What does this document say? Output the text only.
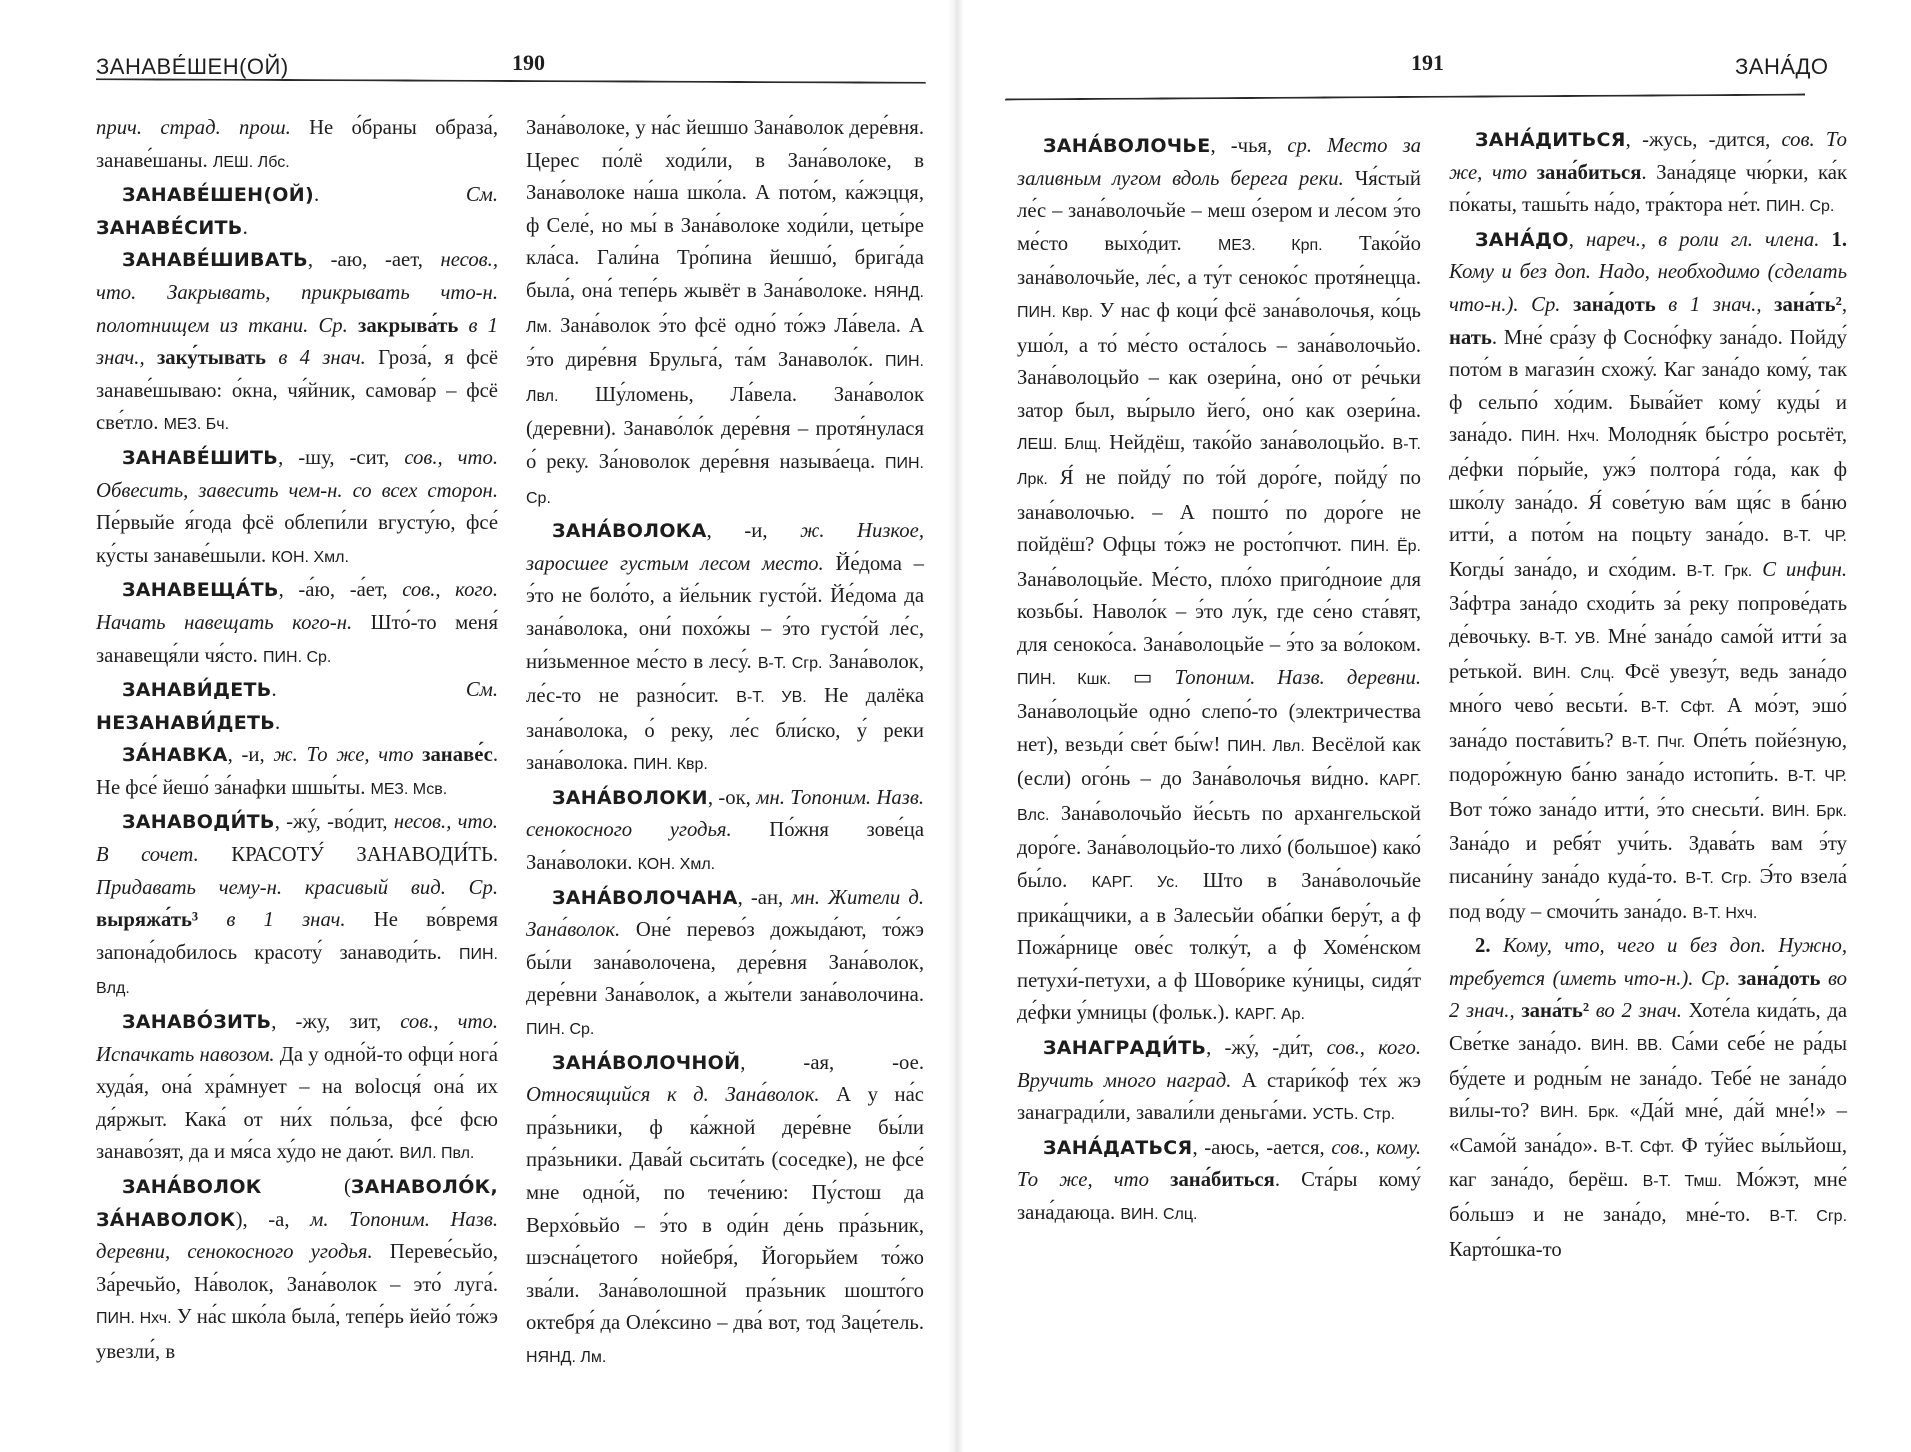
ЗАНАВЕ́ШЕН(ОЙ)	190

прич. страд. прош. Не о́браны образа́, занаве́шаны. ЛЕШ. Лбс.

ЗАНАВЕ́ШЕН(ОЙ). См. ЗАНАВЕ́СИТЬ.

ЗАНАВЕ́ШИВАТЬ, -аю, -ает, несов., что. Закрывать, прикрывать что-н. полотнищем из ткани. Ср. закрыва́ть в 1 знач., заку́тывать в 4 знач. Гроза́, я фсё занаве́шываю: о́кна, чя́йник, самова́р – фсё све́тло. МЕЗ. Бч.

ЗАНАВЕ́ШИТЬ, -шу, -сит, сов., что. Обвесить, завесить чем-н. со всех сторон. Пе́рвыйе я́года фсё облепи́ли вгусту́ю, фсе́ ку́сты занаве́шыли. КОН. Хмл.

ЗАНАВЕЩА́ТЬ, -а́ю, -а́ет, сов., кого. Начать навещать кого-н. Што́-то меня́ занавещя́ли чя́сто. ПИН. Ср.

ЗАНАВИ́ДЕТЬ. См. НЕЗАНАВИ́ДЕТЬ.

ЗА́НАВКА, -и, ж. То же, что занаве́с. Не фсе́ йешо́ за́нафки шшы́ты. МЕЗ. Мсв.

ЗАНАВОДИ́ТЬ, -жу́, -во́дит, несов., что. В сочет. КРАСОТУ́ ЗАНАВОДИ́ТЬ. Придавать чему-н. красивый вид. Ср. выряжа́ть³ в 1 знач. Не во́время запона́добилось красоту́ занаводи́ть. ПИН. Влд.

ЗАНАВО́ЗИТЬ, -жу, зит, сов., что. Испачкать навозом. Да у одно́й-то офци́ нога́ худа́я, она́ хра́мнует – на воlосця́ она́ их дя́ржыт. Кака́ от ни́х по́льза, фсе́ фсю занаво́зят, да и мя́са ху́до не даю́т. ВИЛ. Пвл.

ЗАНА́ВОЛОК (ЗАНАВОЛО́К, ЗА́НАВОЛОК), -а, м. Топоним. Назв. деревни, сенокосного угодья. Переве́сьйо, За́речьйо, На́волок, Зана́волок – это́ луга́. ПИН. Нхч. У на́с шко́ла была́, тепе́рь йейо́ то́жэ увезли́, в

Зана́волоке, у на́с йешшо Зана́волок дере́вня. Церес по́лё ходи́ли, в Зана́волоке, в Зана́волоке на́ша шко́ла. А пото́м, ка́жэцця, ф Селе́, но мы́ в Зана́волоке ходи́ли, цеты́ре кла́са. Гали́на Тро́пина йешшо́, брига́да была́, она́ тепе́рь жывёт в Зана́волоке. НЯНД. Лм. Зана́волок э́то фсё одно́ то́жэ Ла́вела. А э́то дире́вня Брульга́, та́м Занаволо́к. ПИН. Лвл. Шу́ломень, Ла́вела. Зана́волок (деревни). Занаво́ло́к дере́вня – протя́нулася о́ реку. За́новолок дере́вня называ́еца. ПИН. Ср.

ЗАНА́ВОЛОКА, -и, ж. Низкое, заросшее густым лесом место. Йе́дома – э́то не боло́то, а йе́льник густо́й. Йе́дома да зана́волока, они́ похо́жы – э́то густо́й ле́с, ни́зьменное ме́сто в лесу́. В-Т. Сгр. Зана́волок, ле́с-то не разно́сит. В-Т. УВ. Не далёка зана́волока, о́ реку, ле́с бли́ско, у́ реки зана́волока. ПИН. Квр.

ЗАНА́ВОЛОКИ, -ок, мн. Топоним. Назв. сенокосного угодья. По́жня зове́ца Зана́волоки. КОН. Хмл.

ЗАНА́ВОЛОЧАНА, -ан, мн. Жители д. Зана́волок. Оне́ перево́з дожыда́ют, то́жэ бы́ли зана́волочена, дере́вня Зана́волок, дере́вни Зана́волок, а жы́тели зана́волочина. ПИН. Ср.

ЗАНА́ВОЛОЧНОЙ, -ая, -ое. Относящийся к д. Зана́волок. А у на́с пра́зьники, ф ка́жной дере́вне бы́ли пра́зьники. Дава́й сьсита́ть (соседке), не фсе́ мне одно́й, по тече́нию: Пу́стош да Верхо́вьйо – э́то в оди́н де́нь пра́зьник, шэсна́цетого нойебря́, Йогорьйем то́жо зва́ли. Зана́волошной пра́зьник шошто́го октебря́ да Оле́ксино – два́ вот, тод Заце́тель. НЯНД. Лм.

191	ЗАНА́ДО

ЗАНА́ВОЛОЧЬЕ, -чья, ср. Место за заливным лугом вдоль берега реки. Чя́стый ле́с – зана́волочьйе – меш о́зером и ле́сом э́то ме́сто выхо́дит. МЕЗ. Крп. Тако́йо зана́волочьйе, ле́с, а ту́т сеноко́с протя́нецца. ПИН. Квр. У нас ф коци́ фсё зана́волочья, ко́ць ушо́л, а то́ ме́сто оста́лось – зана́волочьйо. Зана́волоцьйо – как озери́на, оно́ от ре́чьки затор был, вы́рыло йего́, оно́ как озери́на. ЛЕШ. Блщ. Нейдёш, тако́йо зана́волоцьйо. В-Т. Лрк. Я́ не пойду́ по то́й доро́ге, пойду́ по зана́волочью. – А пошто́ по доро́ге не пойдёш? Офцы то́жэ не росто́пчют. ПИН. Ёр. Зана́волоцьйе. Ме́сто, пло́хо приго́дноие для козьбы́. Наволо́к – э́то лу́к, где се́но ста́вят, для сеноко́са. Зана́волоцьйе – э́то за во́локом. ПИН. Кшк. ▭ Топоним. Назв. деревни. Зана́волоцьйе одно́ слепо́-то (электричества нет), везьди́ све́т бы́w! ПИН. Лвл. Весёлой как (если) ого́нь – до Зана́волочья ви́дно. КАРГ. Влс. Зана́волочьйо йе́сьть по архангельской доро́ге. Зана́волоцьйо-то лихо́ (большое) како́ бы́ло. КАРГ. Ус. Што в Зана́волочьйе прика́щчики, а в Залесьйи оба́пки беру́т, а ф Пожа́рнице ове́с толку́т, а ф Хоме́нском петухи́-петухи, а ф Шово́рике ку́ницы, сидя́т де́фки у́мницы (фольк.). КАРГ. Ар.

ЗАНАГРАДИ́ТЬ, -жу́, -ди́т, сов., кого. Вручить много наград. А стари́ко́ф те́х жэ занагради́ли, завали́ли деньга́ми. УСТЬ. Стр.

ЗАНА́ДАТЬСЯ, -аюсь, -ается, сов., кому. То же, что зана́биться. Ста́ры кому́ зана́даюца. ВИН. Слц.

ЗАНА́ДИТЬСЯ, -жусь, -дится, сов. То же, что зана́биться. Зана́дяце чю́рки, ка́к по́каты, ташы́ть на́до, тра́ктора не́т. ПИН. Ср.

ЗАНА́ДО, нареч., в роли гл. члена. 1. Кому и без доп. Надо, необходимо (сделать что-н.). Ср. зана́доть в 1 знач., зана́ть², нать. Мне́ сра́зу ф Сосно́фку зана́до. Пойду́ пото́м в магази́н схожу́. Каг зана́до кому́, так ф сельпо́ хо́дим. Быва́йет кому́ куды́ и зана́до. ПИН. Нхч. Молодня́к бы́стро росьтёт, де́фки по́рыйе, ужэ́ полтора́ го́да, как ф шко́лу зана́до. Я́ сове́тую ва́м щя́с в ба́ню итти́, а пото́м на поцьту зана́до. В-Т. ЧР. Когды́ зана́до, и схо́дим. В-Т. Грк. С инфин. За́фтра зана́до сходи́ть за́ реку попрове́дать де́вочьку. В-Т. УВ. Мне́ зана́до само́й итти́ за ре́тькой. ВИН. Слц. Фсё увезу́т, ведь зана́до мно́го чево́ весьти́. В-Т. Сфт. А мо́эт, эшо́ зана́до поста́вить? В-Т. Пчг. Опе́ть пойе́зную, подоро́жную ба́ню зана́до истопи́ть. В-Т. ЧР. Вот то́жо зана́до итти́, э́то снесьти́. ВИН. Брк. Зана́до и ребя́т учи́ть. Здава́ть вам э́ту писани́ну зана́до куда́-то. В-Т. Сгр. Э́то взела́ под во́ду – смочи́ть зана́до. В-Т. Нхч.

2. Кому, что, чего и без доп. Нужно, требуется (иметь что-н.). Ср. зана́доть во 2 знач., зана́ть² во 2 знач. Хоте́ла кида́ть, да Све́тке зана́до. ВИН. ВВ. Са́ми себе́ не ра́ды бу́дете и родны́м не зана́до. Тебе́ не зана́до ви́лы-то? ВИН. Брк. «Да́й мне́, да́й мне́!» – «Само́й зана́до». В-Т. Сфт. Ф ту́йес вы́льйош, каг зана́до, берёш. В-Т. Тмш. Мо́жэт, мне́ бо́льшэ и не зана́до, мне́-то. В-Т. Сгр. Карто́шка-то
